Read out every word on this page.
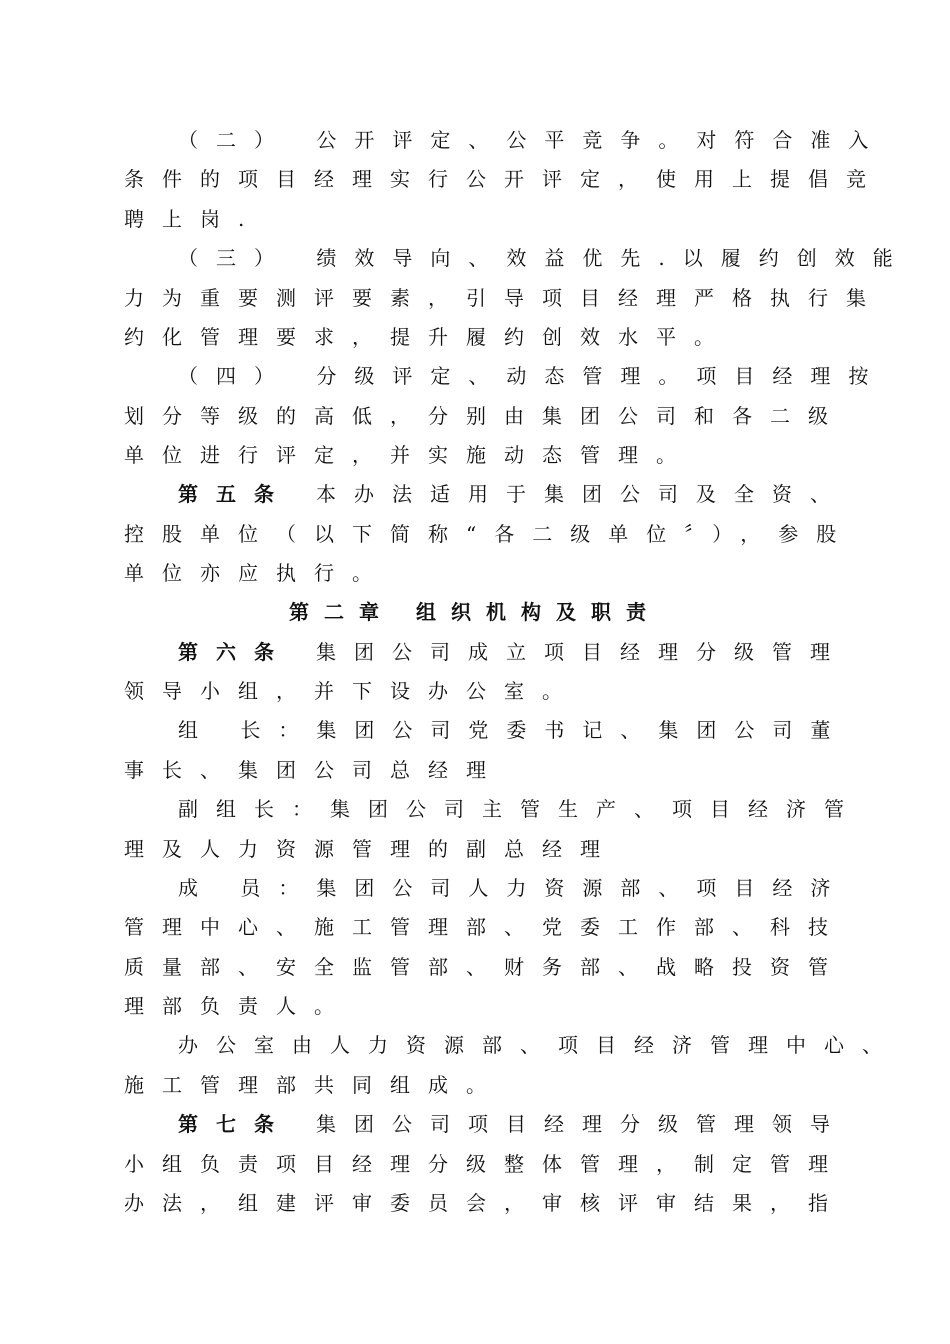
（二） 公开评定、公平竞争。对符合准入
条件的项目经理实行公开评定，使用上提倡竞
聘上岗.
（三） 绩效导向、效益优先.以履约创效能
力为重要测评要素，引导项目经理严格执行集
约化管理要求，提升履约创效水平。
（四） 分级评定、动态管理。项目经理按
划分等级的高低，分别由集团公司和各二级
单位进行评定，并实施动态管理。
第五条 本办法适用于集团公司及全资、
控股单位（以下简称“各二级单位〞），参股
单位亦应执行。
第二章 组织机构及职责
第六条 集团公司成立项目经理分级管理
领导小组，并下设办公室。
组 长：集团公司党委书记、集团公司董
事长、集团公司总经理
副组长：集团公司主管生产、项目经济管
理及人力资源管理的副总经理
成 员：集团公司人力资源部、项目经济
管理中心、施工管理部、党委工作部、科技
质量部、安全监管部、财务部、战略投资管
理部负责人。
办公室由人力资源部、项目经济管理中心、
施工管理部共同组成。
第七条 集团公司项目经理分级管理领导
小组负责项目经理分级整体管理，制定管理
办法，组建评审委员会，审核评审结果，指
